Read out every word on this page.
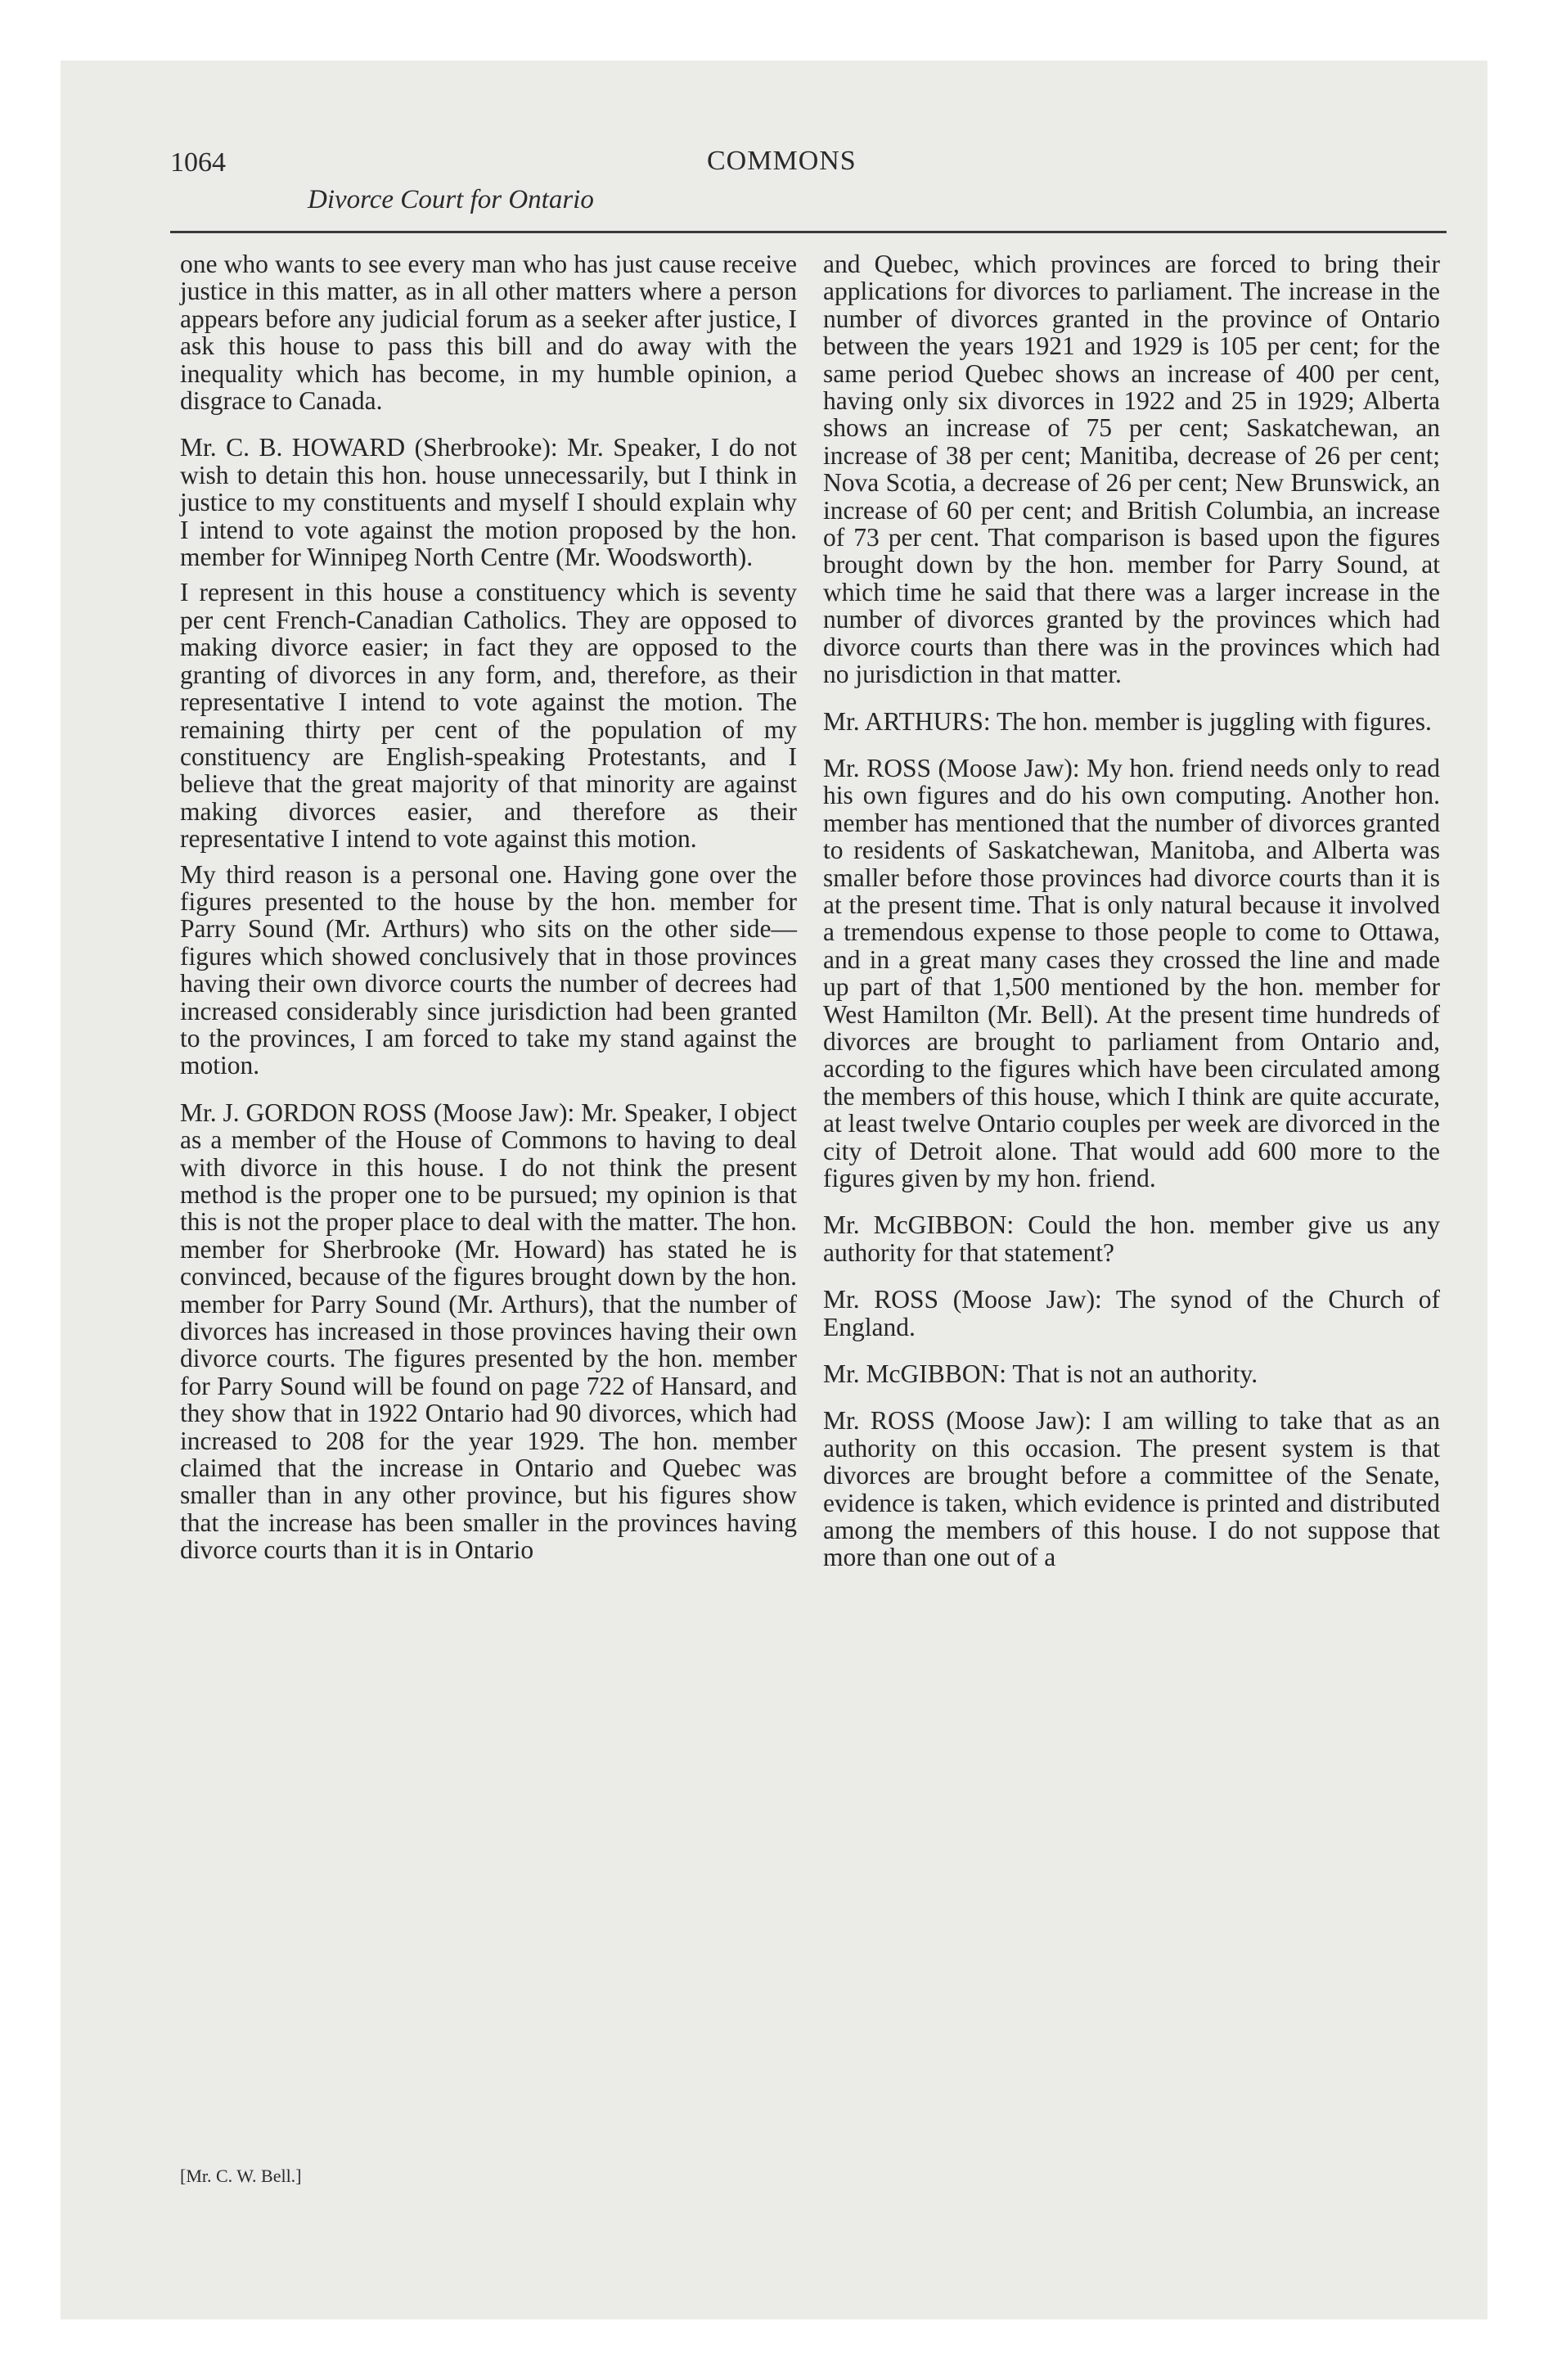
1064	COMMONS
Divorce Court for Ontario

one who wants to see every man who has just cause receive justice in this matter, as in all other matters where a person appears before any judicial forum as a seeker after justice, I ask this house to pass this bill and do away with the inequality which has become, in my humble opinion, a disgrace to Canada.

Mr. C. B. HOWARD (Sherbrooke): Mr. Speaker, I do not wish to detain this hon. house unnecessarily, but I think in justice to my constituents and myself I should explain why I intend to vote against the motion proposed by the hon. member for Winnipeg North Centre (Mr. Woodsworth).

I represent in this house a constituency which is seventy per cent French-Canadian Catholics. They are opposed to making divorce easier; in fact they are opposed to the granting of divorces in any form, and, therefore, as their representative I intend to vote against the motion. The remaining thirty per cent of the population of my constituency are English-speaking Protestants, and I believe that the great majority of that minority are against making divorces easier, and therefore as their representative I intend to vote against this motion.

My third reason is a personal one. Having gone over the figures presented to the house by the hon. member for Parry Sound (Mr. Arthurs) who sits on the other side—figures which showed conclusively that in those provinces having their own divorce courts the number of decrees had increased considerably since jurisdiction had been granted to the provinces, I am forced to take my stand against the motion.

Mr. J. GORDON ROSS (Moose Jaw): Mr. Speaker, I object as a member of the House of Commons to having to deal with divorce in this house. I do not think the present method is the proper one to be pursued; my opinion is that this is not the proper place to deal with the matter. The hon. member for Sherbrooke (Mr. Howard) has stated he is convinced, because of the figures brought down by the hon. member for Parry Sound (Mr. Arthurs), that the number of divorces has increased in those provinces having their own divorce courts. The figures presented by the hon. member for Parry Sound will be found on page 722 of Hansard, and they show that in 1922 Ontario had 90 divorces, which had increased to 208 for the year 1929. The hon. member claimed that the increase in Ontario and Quebec was smaller than in any other province, but his figures show that the increase has been smaller in the provinces having divorce courts than it is in Ontario

and Quebec, which provinces are forced to bring their applications for divorces to parliament. The increase in the number of divorces granted in the province of Ontario between the years 1921 and 1929 is 105 per cent; for the same period Quebec shows an increase of 400 per cent, having only six divorces in 1922 and 25 in 1929; Alberta shows an increase of 75 per cent; Saskatchewan, an increase of 38 per cent; Manitiba, decrease of 26 per cent; Nova Scotia, a decrease of 26 per cent; New Brunswick, an increase of 60 per cent; and British Columbia, an increase of 73 per cent. That comparison is based upon the figures brought down by the hon. member for Parry Sound, at which time he said that there was a larger increase in the number of divorces granted by the provinces which had divorce courts than there was in the provinces which had no jurisdiction in that matter.

Mr. ARTHURS: The hon. member is juggling with figures.

Mr. ROSS (Moose Jaw): My hon. friend needs only to read his own figures and do his own computing. Another hon. member has mentioned that the number of divorces granted to residents of Saskatchewan, Manitoba, and Alberta was smaller before those provinces had divorce courts than it is at the present time. That is only natural because it involved a tremendous expense to those people to come to Ottawa, and in a great many cases they crossed the line and made up part of that 1,500 mentioned by the hon. member for West Hamilton (Mr. Bell). At the present time hundreds of divorces are brought to parliament from Ontario and, according to the figures which have been circulated among the members of this house, which I think are quite accurate, at least twelve Ontario couples per week are divorced in the city of Detroit alone. That would add 600 more to the figures given by my hon. friend.

Mr. McGIBBON: Could the hon. member give us any authority for that statement?

Mr. ROSS (Moose Jaw): The synod of the Church of England.

Mr. McGIBBON: That is not an authority.

Mr. ROSS (Moose Jaw): I am willing to take that as an authority on this occasion. The present system is that divorces are brought before a committee of the Senate, evidence is taken, which evidence is printed and distributed among the members of this house. I do not suppose that more than one out of a

[Mr. C. W. Bell.]
